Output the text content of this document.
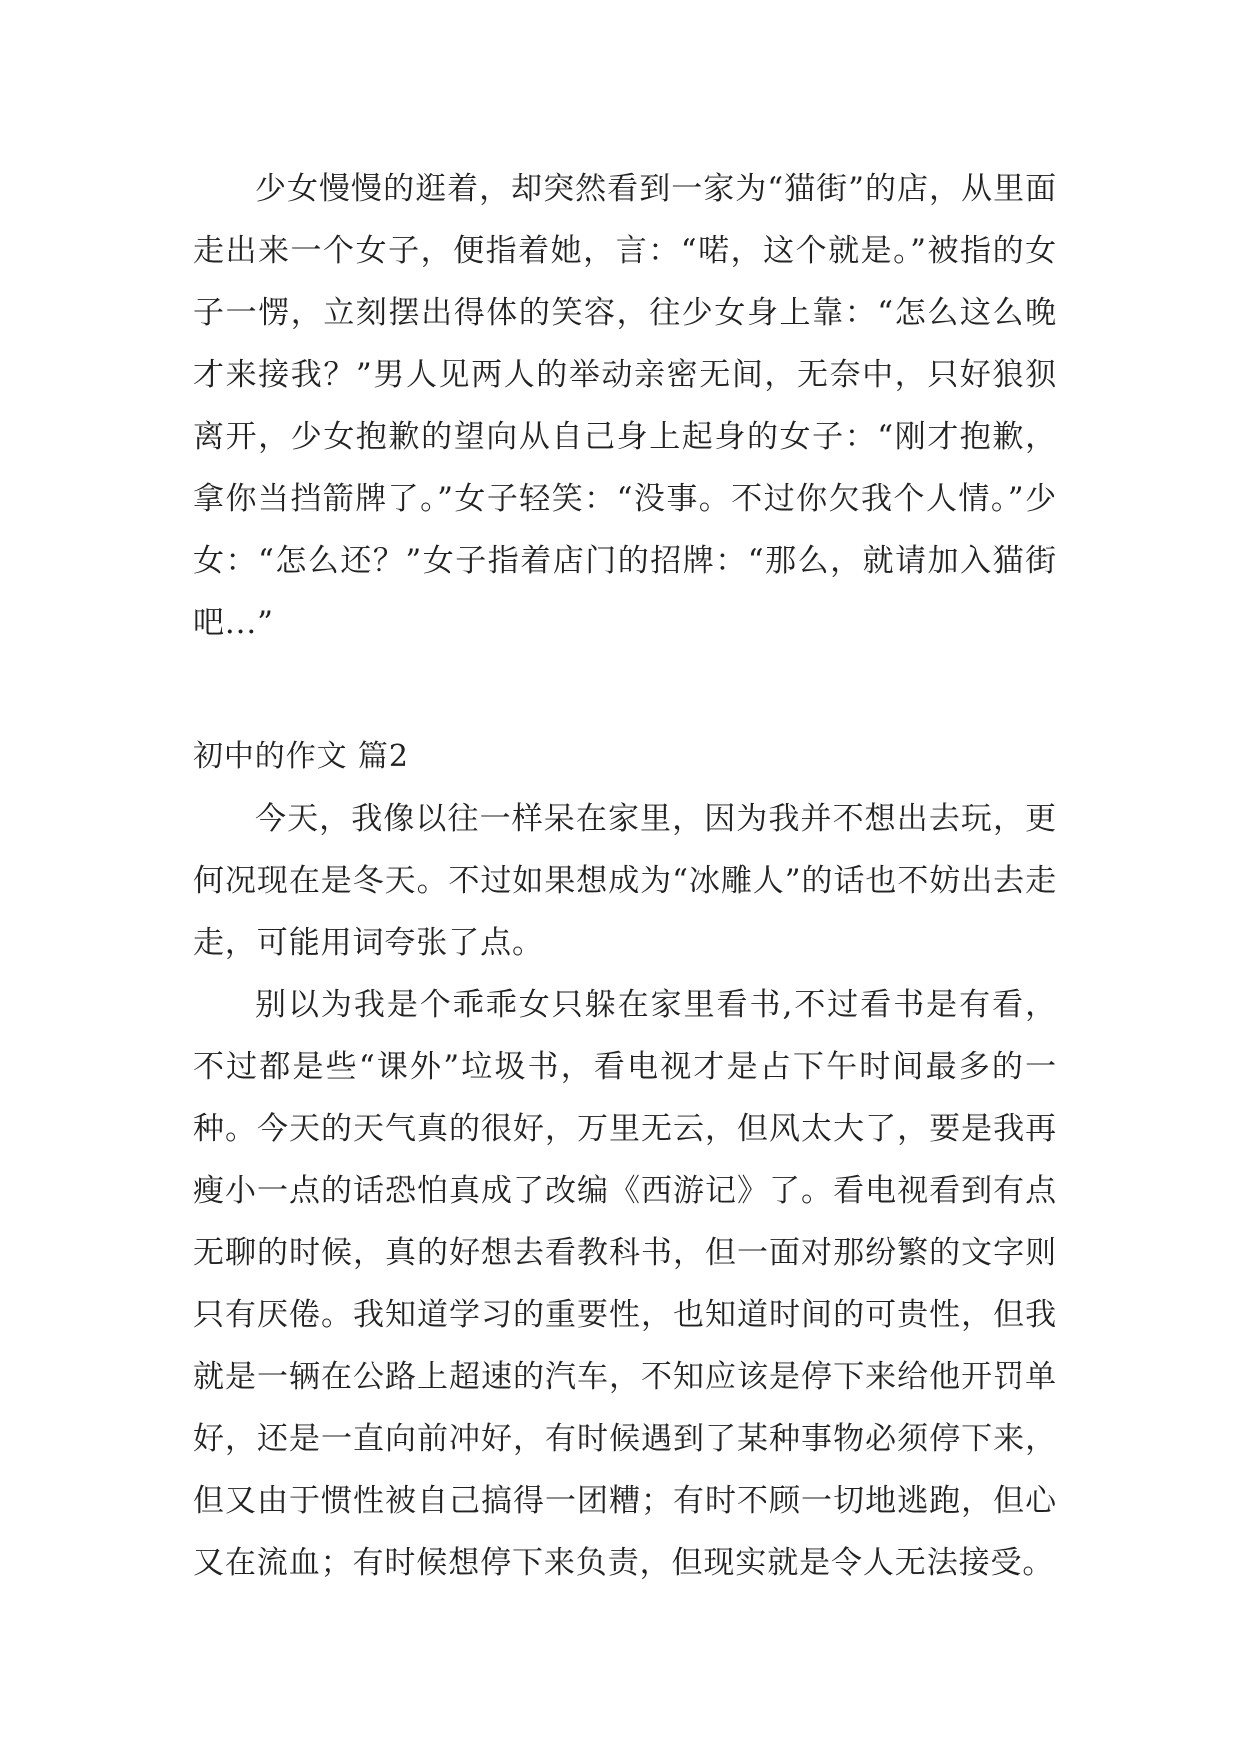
少女慢慢的逛着，却突然看到一家为“猫街”的店，从里面走出来一个女子，便指着她，言：“喏，这个就是。”被指的女子一愣，立刻摆出得体的笑容，往少女身上靠：“怎么这么晚才来接我？”男人见两人的举动亲密无间，无奈中，只好狼狈离开，少女抱歉的望向从自己身上起身的女子：“刚才抱歉，拿你当挡箭牌了。”女子轻笑：“没事。不过你欠我个人情。”少女：“怎么还？”女子指着店门的招牌：“那么，就请加入猫街吧...”

初中的作文 篇2

今天，我像以往一样呆在家里，因为我并不想出去玩，更何况现在是冬天。不过如果想成为“冰雕人”的话也不妨出去走走，可能用词夸张了点。

别以为我是个乖乖女只躲在家里看书,不过看书是有看，不过都是些“课外”垃圾书，看电视才是占下午时间最多的一种。今天的天气真的很好，万里无云，但风太大了，要是我再瘦小一点的话恐怕真成了改编《西游记》了。看电视看到有点无聊的时候，真的好想去看教科书，但一面对那纷繁的文字则只有厌倦。我知道学习的重要性，也知道时间的可贵性，但我就是一辆在公路上超速的汽车，不知应该是停下来给他开罚单好，还是一直向前冲好，有时候遇到了某种事物必须停下来，但又由于惯性被自己搞得一团糟；有时不顾一切地逃跑，但心又在流血；有时候想停下来负责，但现实就是令人无法接受。
